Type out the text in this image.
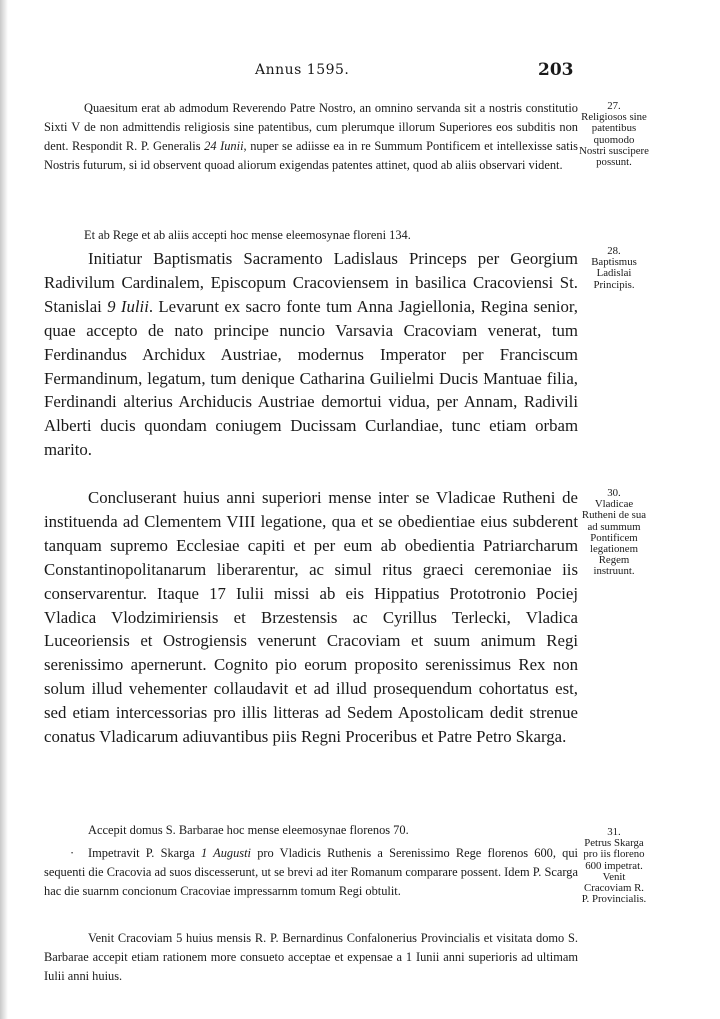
Annus 1595.	203

Quaesitum erat ab admodum Reverendo Patre Nostro, an omnino servanda sit a nostris constitutio Sixti V de non admittendis religiosis sine patentibus, cum plerumque illorum Superiores eos subditis non dent. Respondit R. P. Generalis 24 Iunii, nuper se adiisse ea in re Summum Pontificem et intellexisse satis Nostris futurum, si id observent quoad aliorum exigendas patentes attinet, quod ab aliis observari vident.

Et ab Rege et ab aliis accepti hoc mense eleemosynae floreni 134.

Initiatur Baptismatis Sacramento Ladislaus Princeps per Georgium Radivilum Cardinalem, Episcopum Cracoviensem in basilica Cracoviensi St. Stanislai 9 Iulii. Levarunt ex sacro fonte tum Anna Jagiellonia, Regina senior, quae accepto de nato principe nuncio Varsavia Cracoviam venerat, tum Ferdinandus Archidux Austriae, modernus Imperator per Franciscum Fermandinum, legatum, tum denique Catharina Guilielmi Ducis Mantuae filia, Ferdinandi alterius Archiducis Austriae demortui vidua, per Annam, Radivili Alberti ducis quondam coniugem Ducissam Curlandiae, tunc etiam orbam marito.

Concluserant huius anni superiori mense inter se Vladicae Rutheni de instituenda ad Clementem VIII legatione, qua et se obedientiae eius subderent tanquam supremo Ecclesiae capiti et per eum ab obedientia Patriarcharum Constantinopolitanarum liberarentur, ac simul ritus graeci ceremoniae iis conservarentur. Itaque 17 Iulii missi ab eis Hippatius Prototronio Pociej Vladica Vlodzimiriensis et Brzestensis ac Cyrillus Terlecki, Vladica Luceoriensis et Ostrogiensis venerunt Cracoviam et suum animum Regi serenissimo apernerunt. Cognito pio eorum proposito serenissimus Rex non solum illud vehementer collaudavit et ad illud prosequendum cohortatus est, sed etiam intercessorias pro illis litteras ad Sedem Apostolicam dedit strenue conatus Vladicarum adiuvantibus piis Regni Proceribus et Patre Petro Skarga.

Accepit domus S. Barbarae hoc mense eleemosynae florenos 70.

· Impetravit P. Skarga 1 Augusti pro Vladicis Ruthenis a Serenissimo Rege florenos 600, qui sequenti die Cracovia ad suos discesserunt, ut se brevi ad iter Romanum comparare possent. Idem P. Scarga hac die suarnm concionum Cracoviae impressarnm tomum Regi obtulit.

Venit Cracoviam 5 huius mensis R. P. Bernardinus Confalonerius Provincialis et visitata domo S. Barbarae accepit etiam rationem more consueto acceptae et expensae a 1 Iunii anni superioris ad ultimam Iulii anni huius.

27.
Religiosos sine patentibus quomodo Nostri suscipere possunt.
28.
Baptismus Ladislai Principis.
30.
Vladicae Rutheni de sua ad summum Pontificem legationem Regem instruunt.
31.
Petrus Skarga pro iis floreno 600 impetrat. Venit Cracoviam R. P. Provincialis.
